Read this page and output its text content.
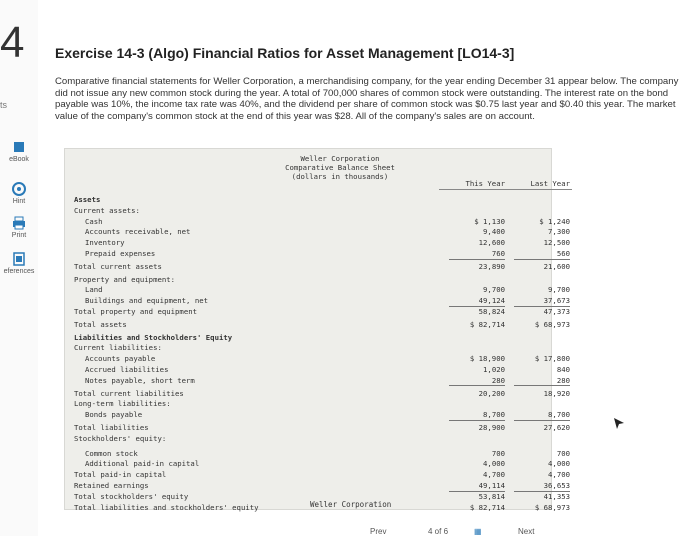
4
ts
eBook
Hint
Print
eferences
Exercise 14-3 (Algo) Financial Ratios for Asset Management [LO14-3]
Comparative financial statements for Weller Corporation, a merchandising company, for the year ending December 31 appear below. The company did not issue any new common stock during the year. A total of 700,000 shares of common stock were outstanding. The interest rate on the bond payable was 10%, the income tax rate was 40%, and the dividend per share of common stock was $0.75 last year and $0.40 this year. The market value of the company's common stock at the end of this year was $28. All of the company's sales are on account.
Weller Corporation
Comparative Balance Sheet
(dollars in thousands)
This Year	Last Year
Assets
Current assets:
Cash	$ 1,130	$ 1,240
Accounts receivable, net	9,400	7,300
Inventory	12,600	12,500
Prepaid expenses	760	560
Total current assets	23,890	21,600
Property and equipment:
Land	9,700	9,700
Buildings and equipment, net	49,124	37,673
Total property and equipment	58,824	47,373
Total assets	$ 82,714	$ 68,973
Liabilities and Stockholders' Equity
Current liabilities:
Accounts payable	$ 18,900	$ 17,800
Accrued liabilities	1,020	840
Notes payable, short term	280	280
Total current liabilities	20,200	18,920
Long-term liabilities:
Bonds payable	8,700	8,700
Total liabilities	28,900	27,620
Stockholders' equity:
Common stock	700	700
Additional paid-in capital	4,000	4,000
Total paid-in capital	4,700	4,700
Retained earnings	49,114	36,653
Total stockholders' equity	53,814	41,353
Total liabilities and stockholders' equity	$ 82,714	$ 68,973
Weller Corporation
Prev	4 of 6	▦	Next
